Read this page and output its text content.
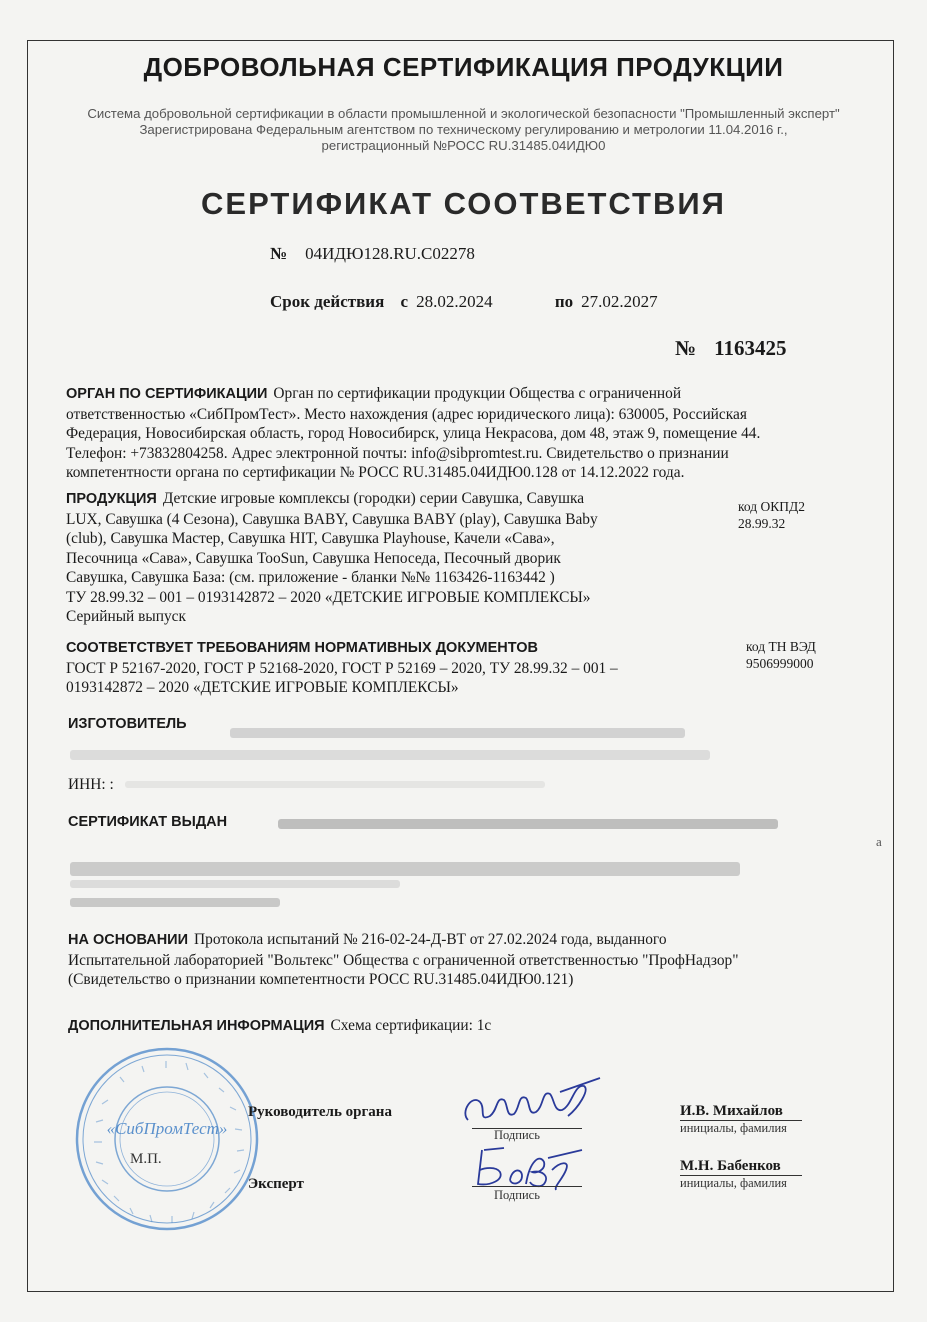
ДОБРОВОЛЬНАЯ СЕРТИФИКАЦИЯ ПРОДУКЦИИ
Система добровольной сертификации в области промышленной и экологической безопасности "Промышленный эксперт"
Зарегистрирована Федеральным агентством по техническому регулированию и метрологии 11.04.2016 г.,
регистрационный №РОСС RU.31485.04ИДЮ0
СЕРТИФИКАТ СООТВЕТСТВИЯ
№ 04ИДЮ128.RU.C02278
Срок действия с 28.02.2024	по 27.02.2027
№ 1163425
ОРГАН ПО СЕРТИФИКАЦИИ Орган по сертификации продукции Общества с ограниченной
ответственностью «СибПромТест». Место нахождения (адрес юридического лица): 630005, Российская
Федерация, Новосибирская область, город Новосибирск, улица Некрасова, дом 48, этаж 9, помещение 44.
Телефон: +73832804258. Адрес электронной почты: info@sibpromtest.ru. Свидетельство о признании
компетентности органа по сертификации № РОСС RU.31485.04ИДЮ0.128 от 14.12.2022 года.
ПРОДУКЦИЯ Детские игровые комплексы (городки) серии Савушка, Савушка
LUX, Савушка (4 Сезона), Савушка BABY, Савушка BABY (play), Савушка Baby
(club), Савушка Мастер, Савушка HIT, Савушка Playhouse, Качели «Сава»,
Песочница «Сава», Савушка TooSun, Савушка Непоседа, Песочный дворик
Савушка, Савушка База: (см. приложение - бланки №№ 1163426-1163442 )
ТУ 28.99.32 – 001 – 0193142872 – 2020 «ДЕТСКИЕ ИГРОВЫЕ КОМПЛЕКСЫ»
Серийный выпуск
код ОКПД2
28.99.32
СООТВЕТСТВУЕТ ТРЕБОВАНИЯМ НОРМАТИВНЫХ ДОКУМЕНТОВ
ГОСТ Р 52167-2020, ГОСТ Р 52168-2020, ГОСТ Р 52169 – 2020, ТУ 28.99.32 – 001 –
0193142872 – 2020 «ДЕТСКИЕ ИГРОВЫЕ КОМПЛЕКСЫ»
код ТН ВЭД
9506999000
ИЗГОТОВИТЕЛЬ
ИНН: :
СЕРТИФИКАТ ВЫДАН
а
НА ОСНОВАНИИ Протокола испытаний № 216-02-24-Д-ВТ от 27.02.2024 года, выданного
Испытательной лабораторией "Вольтекс" Общества с ограниченной ответственностью "ПрофНадзор"
(Свидетельство о признании компетентности РОСС RU.31485.04ИДЮ0.121)
ДОПОЛНИТЕЛЬНАЯ ИНФОРМАЦИЯ Схема сертификации: 1с
«СибПромТест»
М.П.
Руководитель органа
Эксперт
Подпись
Подпись
И.В. Михайлов
инициалы, фамилия
М.Н. Бабенков
инициалы, фамилия
